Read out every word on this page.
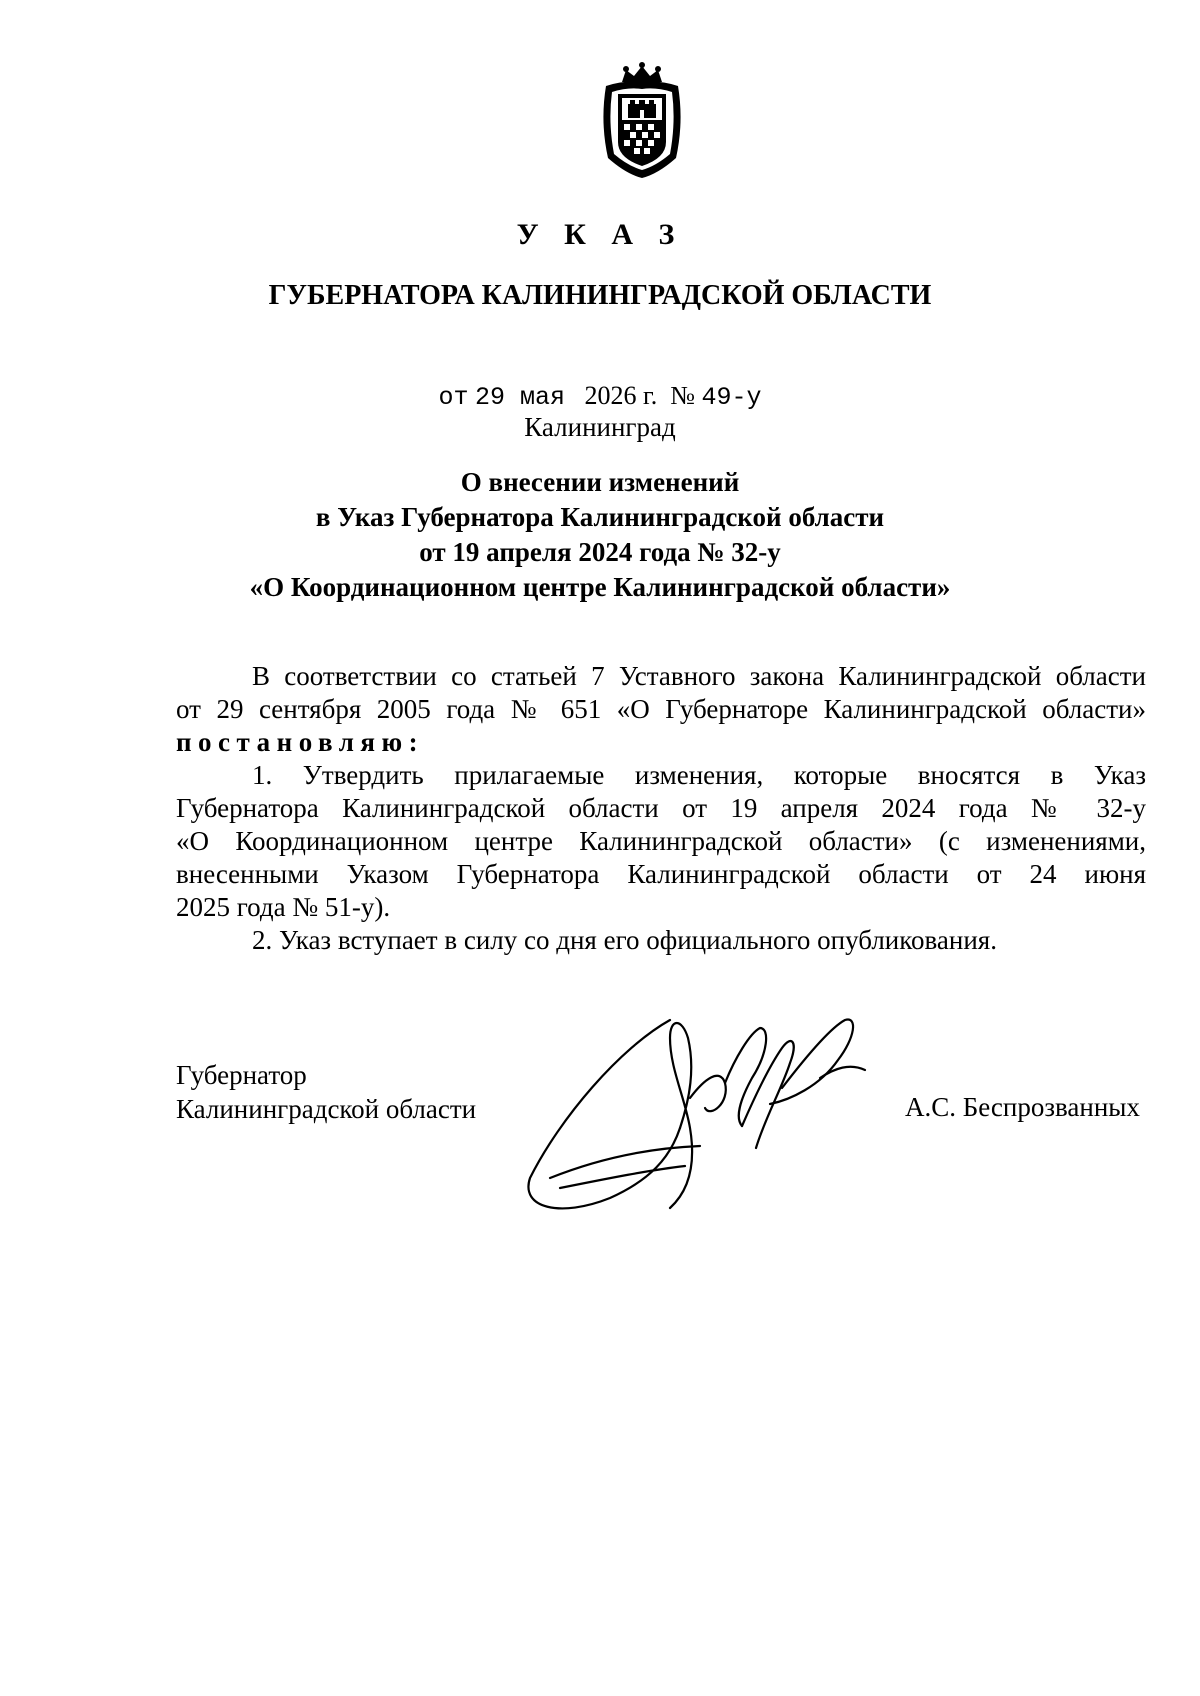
У К А З
ГУБЕРНАТОРА КАЛИНИНГРАДСКОЙ ОБЛАСТИ
от 29 мая 2026 г. № 49-у
Калининград
О внесении изменений
в Указ Губернатора Калининградской области
от 19 апреля 2024 года № 32-у
«О Координационном центре Калининградской области»
В соответствии со статьей 7 Уставного закона Калининградской области
от 29 сентября 2005 года № 651 «О Губернаторе Калининградской области»
постановляю:
1. Утвердить прилагаемые изменения, которые вносятся в Указ
Губернатора Калининградской области от 19 апреля 2024 года № 32-у
«О Координационном центре Калининградской области» (с изменениями,
внесенными Указом Губернатора Калининградской области от 24 июня
2025 года № 51-у).
2. Указ вступает в силу со дня его официального опубликования.
Губернатор
Калининградской области	А.С. Беспрозванных
